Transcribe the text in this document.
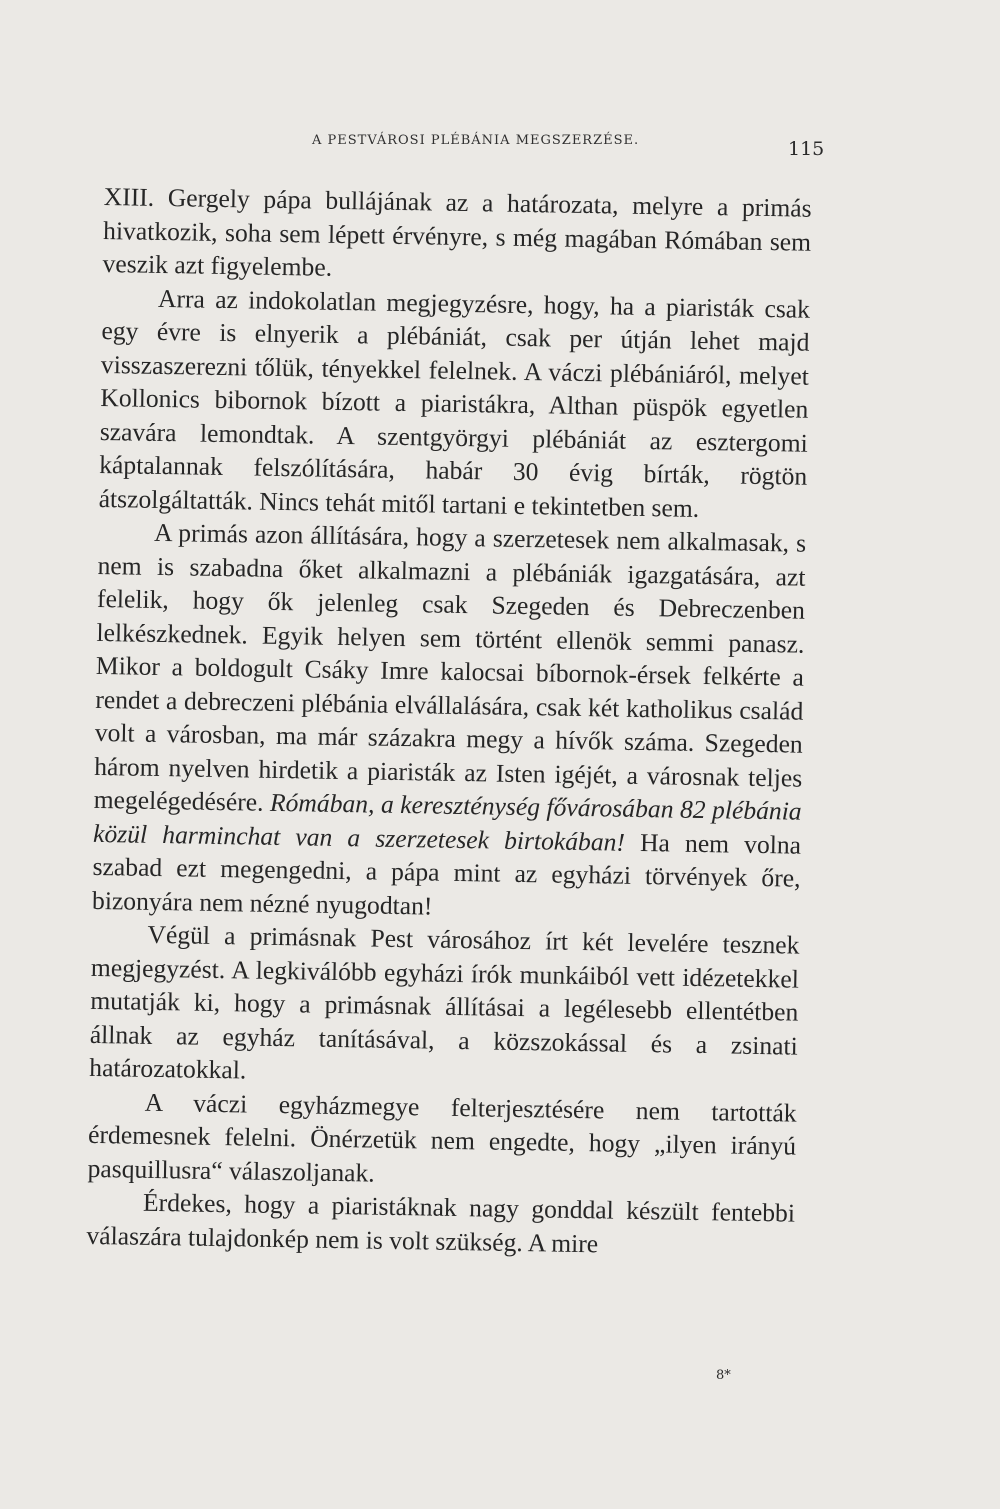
A PESTVÁROSI PLÉBÁNIA MEGSZERZÉSE.	115

XIII. Gergely pápa bullájának az a határozata, melyre a primás hivatkozik, soha sem lépett érvényre, s még magában Rómában sem veszik azt figyelembe.

Arra az indokolatlan megjegyzésre, hogy, ha a piaristák csak egy évre is elnyerik a plébániát, csak per útján lehet majd visszaszerezni tőlük, tényekkel felelnek. A váczi plébániáról, melyet Kollonics bibornok bízott a piaristákra, Althan püspök egyetlen szavára lemondtak. A szentgyörgyi plébániát az esztergomi káptalannak felszólítására, habár 30 évig bírták, rögtön átszolgáltatták. Nincs tehát mitől tartani e tekintetben sem.

A primás azon állítására, hogy a szerzetesek nem alkalmasak, s nem is szabadna őket alkalmazni a plébániák igazgatására, azt felelik, hogy ők jelenleg csak Szegeden és Debreczenben lelkészkednek. Egyik helyen sem történt ellenök semmi panasz. Mikor a boldogult Csáky Imre kalocsai bíbornok-érsek felkérte a rendet a debreczeni plébánia elvállalására, csak két katholikus család volt a városban, ma már százakra megy a hívők száma. Szegeden három nyelven hirdetik a piaristák az Isten igéjét, a városnak teljes megelégedésére. Rómában, a kereszténység fővárosában 82 plébánia közül harminchat van a szerzetesek birtokában! Ha nem volna szabad ezt megengedni, a pápa mint az egyházi törvények őre, bizonyára nem nézné nyugodtan!

Végül a primásnak Pest városához írt két levelére tesznek megjegyzést. A legkiválóbb egyházi írók munkáiból vett idézetekkel mutatják ki, hogy a primásnak állításai a legélesebb ellentétben állnak az egyház tanításával, a közszokással és a zsinati határozatokkal.

A váczi egyházmegye felterjesztésére nem tartották érdemesnek felelni. Önérzetük nem engedte, hogy „ilyen irányú pasquillusra“ válaszoljanak.

Érdekes, hogy a piaristáknak nagy gonddal készült fentebbi válaszára tulajdonkép nem is volt szükség. A mire

8*
